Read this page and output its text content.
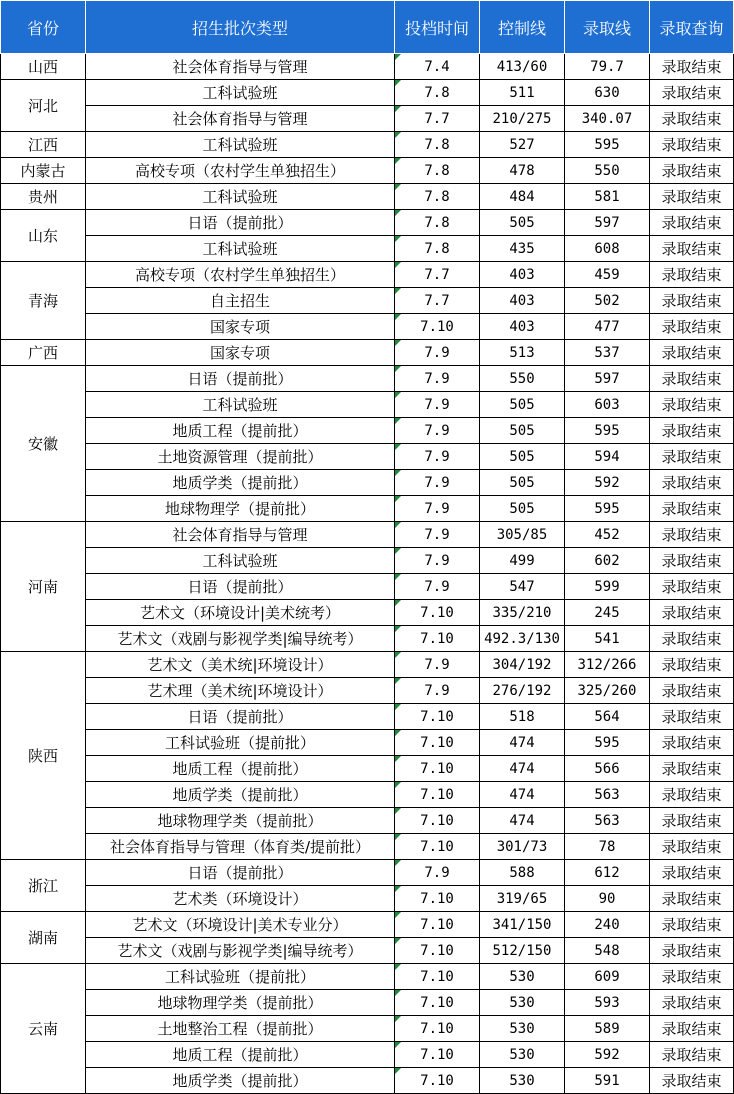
省份	招生批次类型	投档时间	控制线	录取线	录取查询
山西	社会体育指导与管理	7.4	413/60	79.7	录取结束
河北	工科试验班	7.8	511	630	录取结束
	社会体育指导与管理	7.7	210/275	340.07	录取结束
江西	工科试验班	7.8	527	595	录取结束
内蒙古	高校专项（农村学生单独招生）	7.8	478	550	录取结束
贵州	工科试验班	7.8	484	581	录取结束
山东	日语（提前批）	7.8	505	597	录取结束
	工科试验班	7.8	435	608	录取结束
青海	高校专项（农村学生单独招生）	7.7	403	459	录取结束
	自主招生	7.7	403	502	录取结束
	国家专项	7.10	403	477	录取结束
广西	国家专项	7.9	513	537	录取结束
安徽	日语（提前批）	7.9	550	597	录取结束
	工科试验班	7.9	505	603	录取结束
	地质工程（提前批）	7.9	505	595	录取结束
	土地资源管理（提前批）	7.9	505	594	录取结束
	地质学类（提前批）	7.9	505	592	录取结束
	地球物理学（提前批）	7.9	505	595	录取结束
河南	社会体育指导与管理	7.9	305/85	452	录取结束
	工科试验班	7.9	499	602	录取结束
	日语（提前批）	7.9	547	599	录取结束
	艺术文（环境设计|美术统考）	7.10	335/210	245	录取结束
	艺术文（戏剧与影视学类|编导统考）	7.10	492.3/130	541	录取结束
陕西	艺术文（美术统|环境设计）	7.9	304/192	312/266	录取结束
	艺术理（美术统|环境设计）	7.9	276/192	325/260	录取结束
	日语（提前批）	7.10	518	564	录取结束
	工科试验班（提前批）	7.10	474	595	录取结束
	地质工程（提前批）	7.10	474	566	录取结束
	地质学类（提前批）	7.10	474	563	录取结束
	地球物理学类（提前批）	7.10	474	563	录取结束
	社会体育指导与管理（体育类/提前批）	7.10	301/73	78	录取结束
浙江	日语（提前批）	7.9	588	612	录取结束
	艺术类（环境设计）	7.10	319/65	90	录取结束
湖南	艺术文（环境设计|美术专业分）	7.10	341/150	240	录取结束
	艺术文（戏剧与影视学类|编导统考）	7.10	512/150	548	录取结束
云南	工科试验班（提前批）	7.10	530	609	录取结束
	地球物理学类（提前批）	7.10	530	593	录取结束
	土地整治工程（提前批）	7.10	530	589	录取结束
	地质工程（提前批）	7.10	530	592	录取结束
	地质学类（提前批）	7.10	530	591	录取结束
